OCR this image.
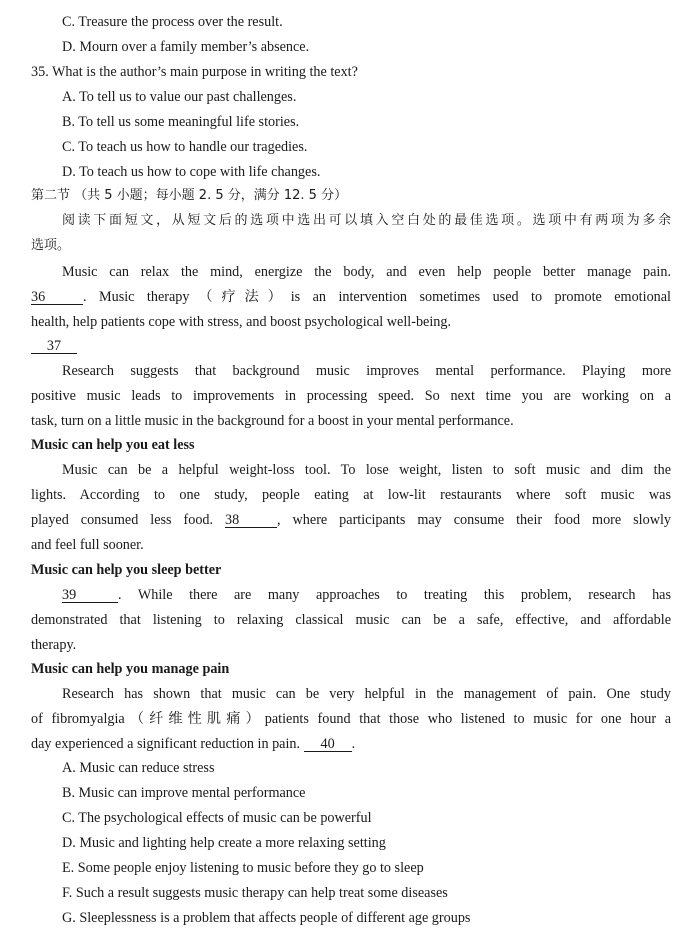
C. Treasure the process over the result.
D. Mourn over a family member’s absence.
35. What is the author’s main purpose in writing the text?
A. To tell us to value our past challenges.
B. To tell us some meaningful life stories.
C. To teach us how to handle our tragedies.
D. To teach us how to cope with life changes.
第二节 （共 5 小题；每小题 2. 5 分，满分 12. 5 分）
阅读下面短文，从短文后的选项中选出可以填入空白处的最佳选项。选项中有两项为多余
选项。
Music can relax the mind, energize the body, and even help people better manage pain.
36	. Music therapy（疗法）is an intervention sometimes used to promote emotional
health, help patients cope with stress, and boost psychological well-being.
37
Research suggests that background music improves mental performance. Playing more
positive music leads to improvements in processing speed. So next time you are working on a
task, turn on a little music in the background for a boost in your mental performance.
Music can help you eat less
Music can be a helpful weight-loss tool. To lose weight, listen to soft music and dim the
lights. According to one study, people eating at low-lit restaurants where soft music was
played consumed less food. 38	, where participants may consume their food more slowly
and feel full sooner.
Music can help you sleep better
39	. While there are many approaches to treating this problem, research has
demonstrated that listening to relaxing classical music can be a safe, effective, and affordable
therapy.
Music can help you manage pain
Research has shown that music can be very helpful in the management of pain. One study
of fibromyalgia（纤维性肌痛）patients found that those who listened to music for one hour a
day experienced a significant reduction in pain. 40 .
A. Music can reduce stress
B. Music can improve mental performance
C. The psychological effects of music can be powerful
D. Music and lighting help create a more relaxing setting
E. Some people enjoy listening to music before they go to sleep
F. Such a result suggests music therapy can help treat some diseases
G. Sleeplessness is a problem that affects people of different age groups
